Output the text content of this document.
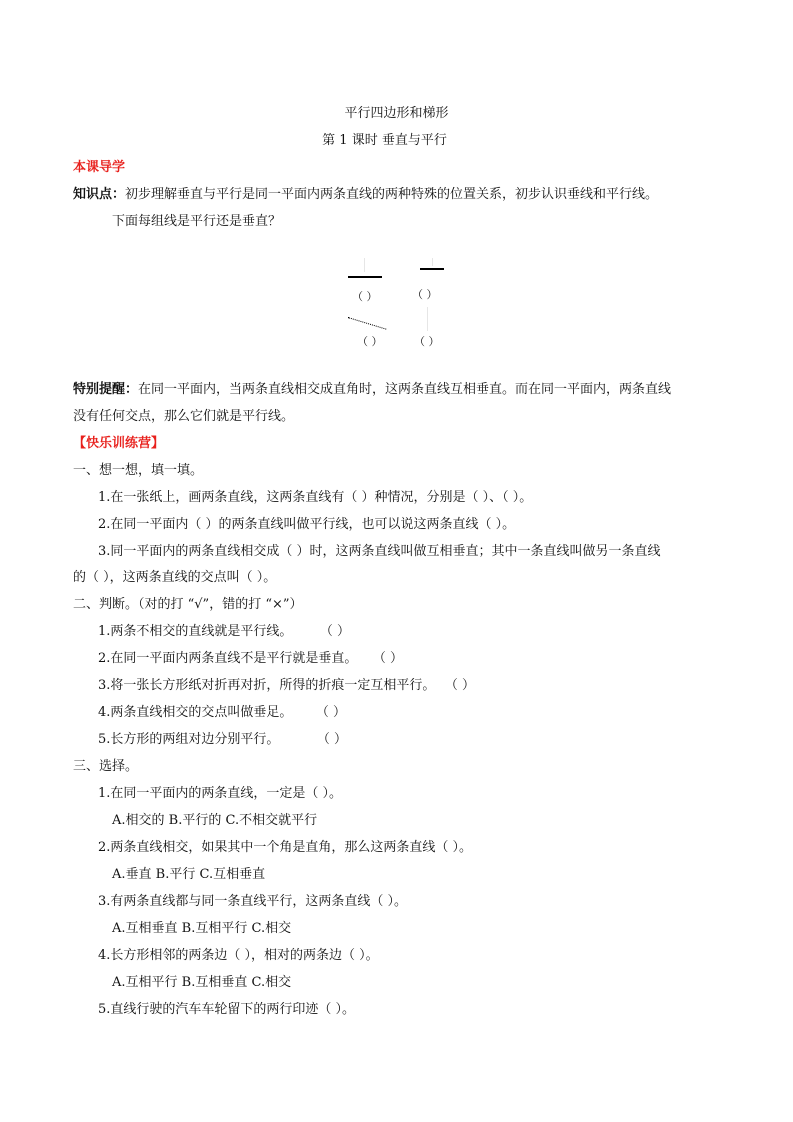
平行四边形和梯形
第 1 课时 垂直与平行
本课导学
知识点：初步理解垂直与平行是同一平面内两条直线的两种特殊的位置关系，初步认识垂线和平行线。
下面每组线是平行还是垂直？
（ ）	（ ）
（ ）	（ ）
特别提醒：在同一平面内，当两条直线相交成直角时，这两条直线互相垂直。而在同一平面内，两条直线
没有任何交点，那么它们就是平行线。
【快乐训练营】
一、想一想，填一填。
1.在一张纸上，画两条直线，这两条直线有（ ）种情况，分别是（ ）、（ ）。
2.在同一平面内（ ）的两条直线叫做平行线，也可以说这两条直线（ ）。
3.同一平面内的两条直线相交成（ ）时，这两条直线叫做互相垂直；其中一条直线叫做另一条直线
的（ ），这两条直线的交点叫（ ）。
二、判断。（对的打 “√”，错的打 “×”）
1.两条不相交的直线就是平行线。	（ ）
2.在同一平面内两条直线不是平行就是垂直。 （ ）
3.将一张长方形纸对折再对折，所得的折痕一定互相平行。 （ ）
4.两条直线相交的交点叫做垂足。 （ ）
5.长方形的两组对边分别平行。	（ ）
三、选择。
1.在同一平面内的两条直线，一定是（ ）。
A.相交的 B.平行的 C.不相交就平行
2.两条直线相交，如果其中一个角是直角，那么这两条直线（ ）。
A.垂直 B.平行 C.互相垂直
3.有两条直线都与同一条直线平行，这两条直线（ ）。
A.互相垂直 B.互相平行 C.相交
4.长方形相邻的两条边（ ），相对的两条边（ ）。
A.互相平行 B.互相垂直 C.相交
5.直线行驶的汽车车轮留下的两行印迹（ ）。
